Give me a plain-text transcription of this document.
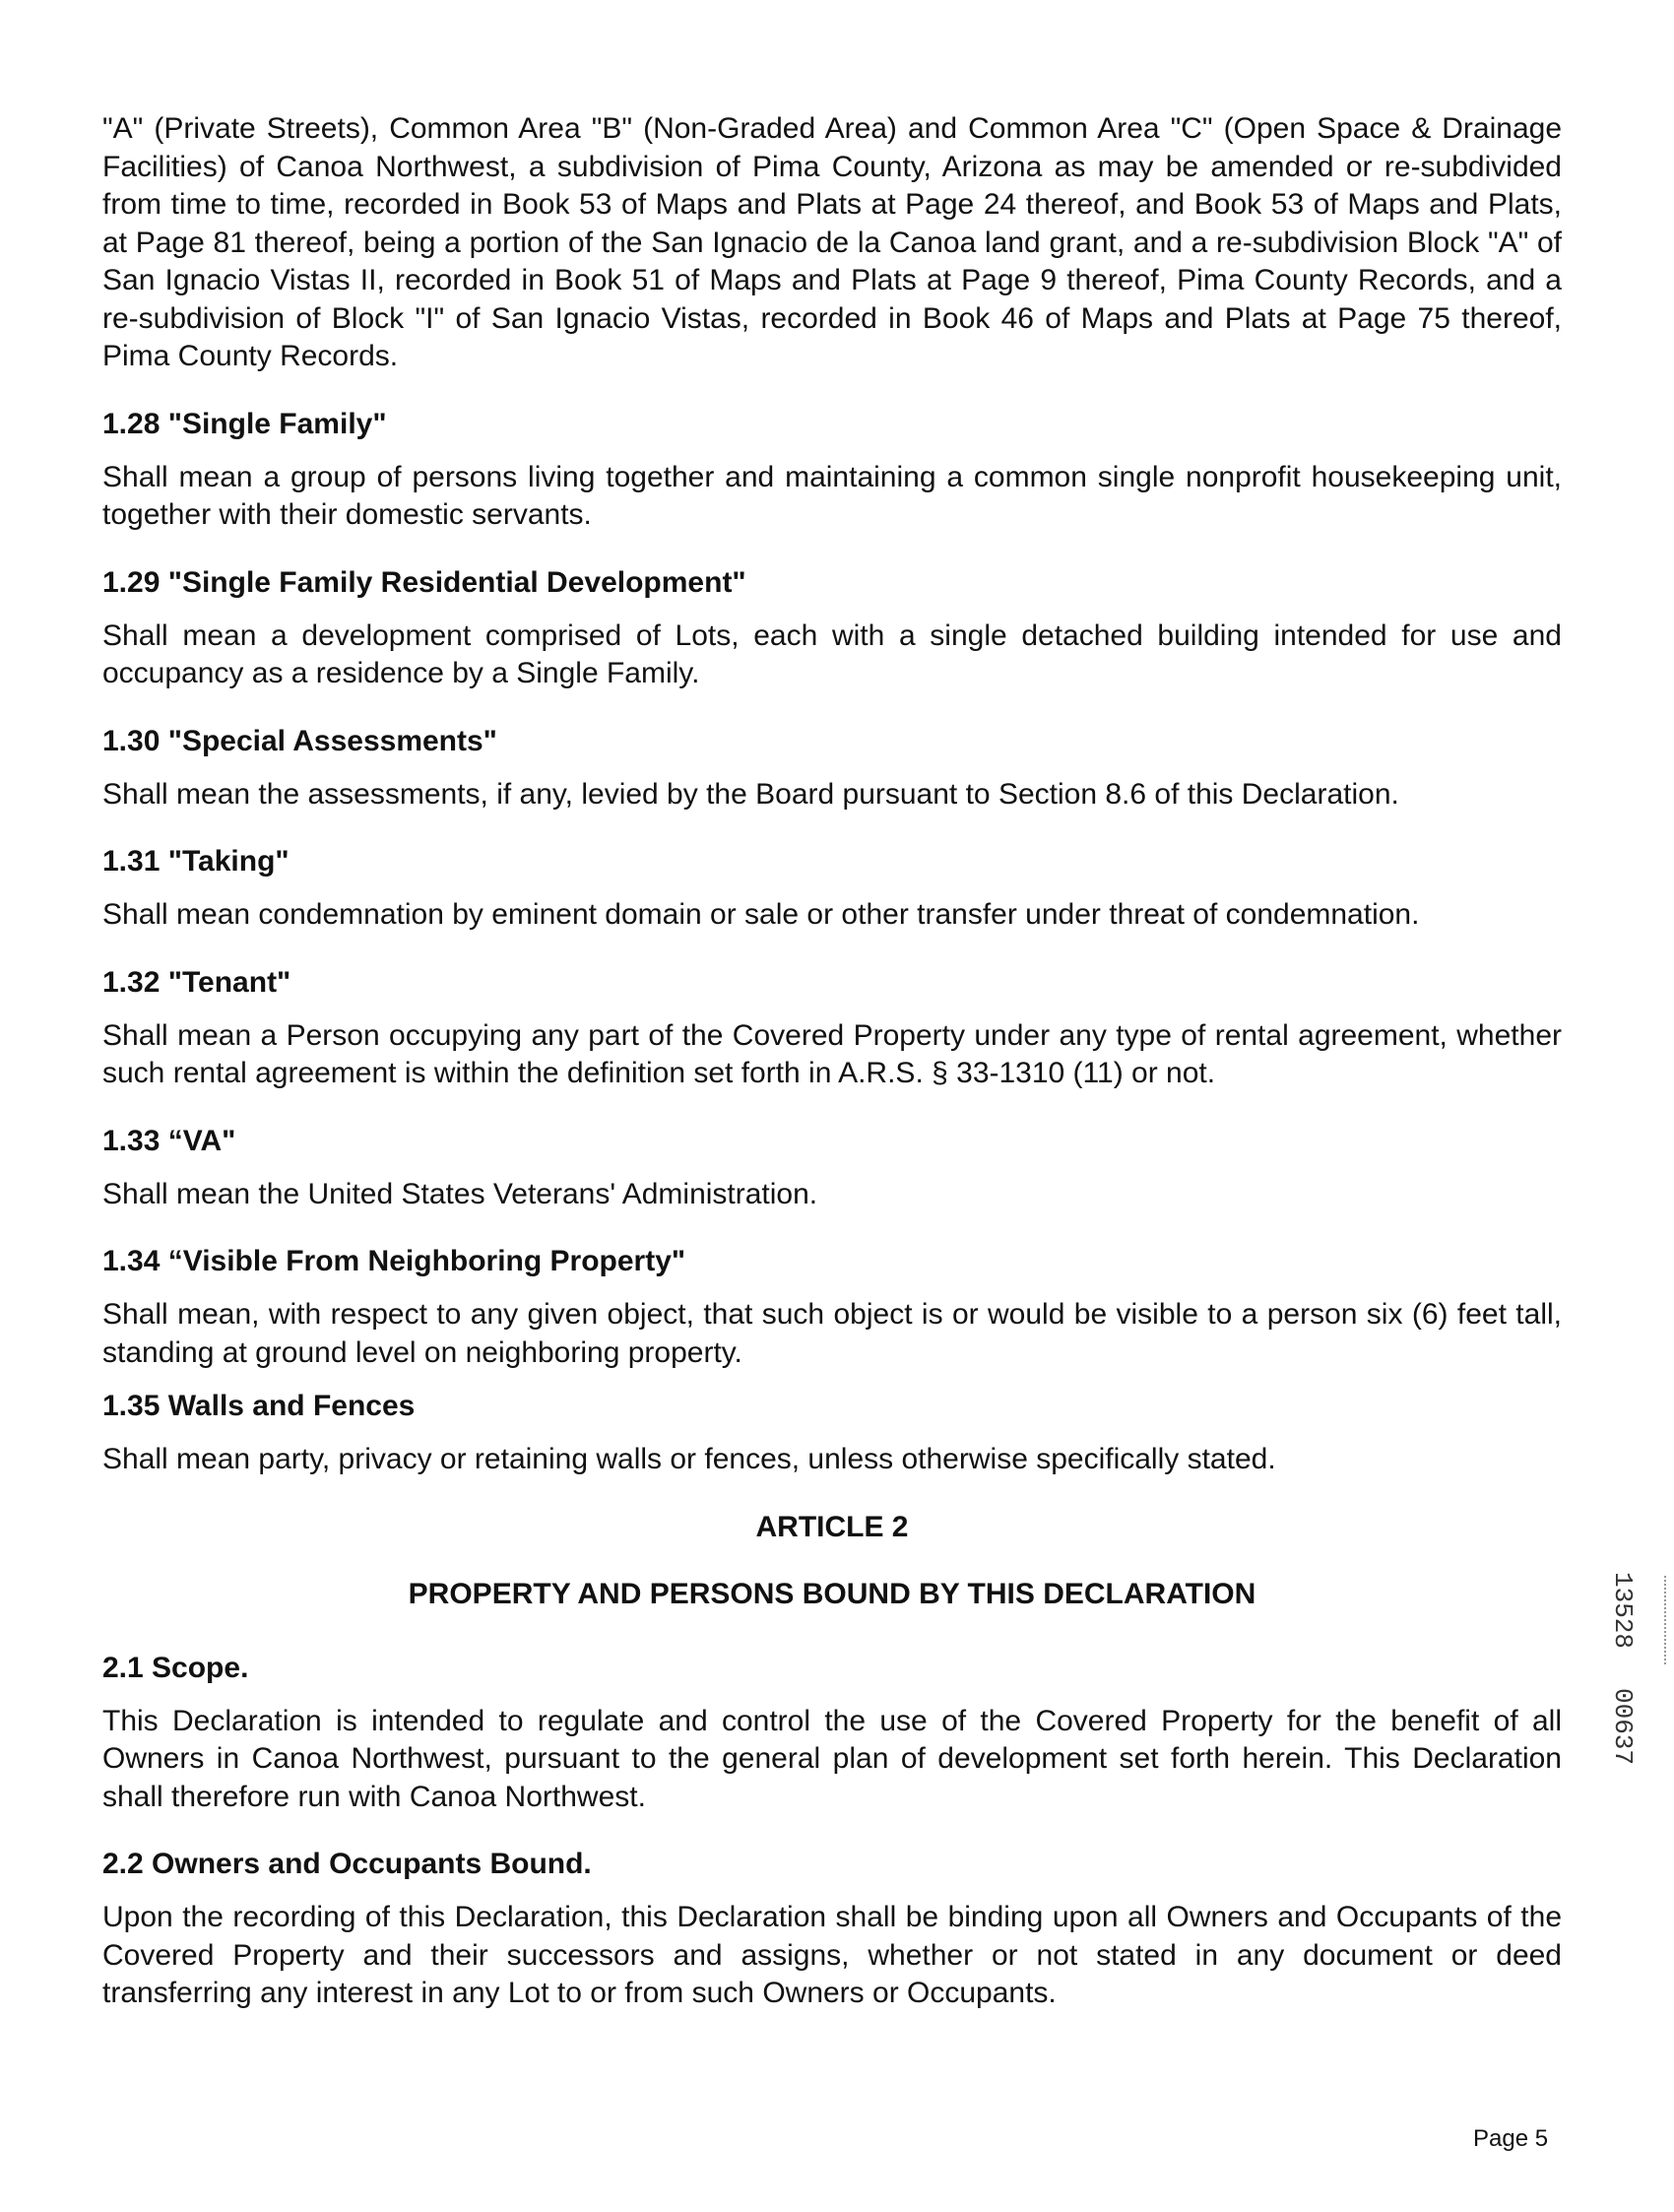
"A" (Private Streets), Common Area "B" (Non-Graded Area) and Common Area "C" (Open Space & Drainage Facilities) of Canoa Northwest, a subdivision of Pima County, Arizona as may be amended or re-subdivided from time to time, recorded in Book 53 of Maps and Plats at Page 24 thereof, and Book 53 of Maps and Plats, at Page 81 thereof, being a portion of the San Ignacio de la Canoa land grant, and a re-subdivision Block "A" of San Ignacio Vistas II, recorded in Book 51 of Maps and Plats at Page 9 thereof, Pima County Records, and a re-subdivision of Block "I" of San Ignacio Vistas, recorded in Book 46 of Maps and Plats at Page 75 thereof, Pima County Records.

1.28 "Single Family"

Shall mean a group of persons living together and maintaining a common single nonprofit housekeeping unit, together with their domestic servants.

1.29 "Single Family Residential Development"

Shall mean a development comprised of Lots, each with a single detached building intended for use and occupancy as a residence by a Single Family.

1.30 "Special Assessments"

Shall mean the assessments, if any, levied by the Board pursuant to Section 8.6 of this Declaration.

1.31 "Taking"

Shall mean condemnation by eminent domain or sale or other transfer under threat of condemnation.

1.32 "Tenant"

Shall mean a Person occupying any part of the Covered Property under any type of rental agreement, whether such rental agreement is within the definition set forth in A.R.S. § 33-1310 (11) or not.

1.33 “VA"

Shall mean the United States Veterans' Administration.

1.34 “Visible From Neighboring Property"

Shall mean, with respect to any given object, that such object is or would be visible to a person six (6) feet tall, standing at ground level on neighboring property.

1.35 Walls and Fences

Shall mean party, privacy or retaining walls or fences, unless otherwise specifically stated.

ARTICLE 2

PROPERTY AND PERSONS BOUND BY THIS DECLARATION

2.1 Scope.

This Declaration is intended to regulate and control the use of the Covered Property for the benefit of all Owners in Canoa Northwest, pursuant to the general plan of development set forth herein. This Declaration shall therefore run with Canoa Northwest.

2.2 Owners and Occupants Bound.

Upon the recording of this Declaration, this Declaration shall be binding upon all Owners and Occupants of the Covered Property and their successors and assigns, whether or not stated in any document or deed transferring any interest in any Lot to or from such Owners or Occupants.

13528
00637
Page 5
